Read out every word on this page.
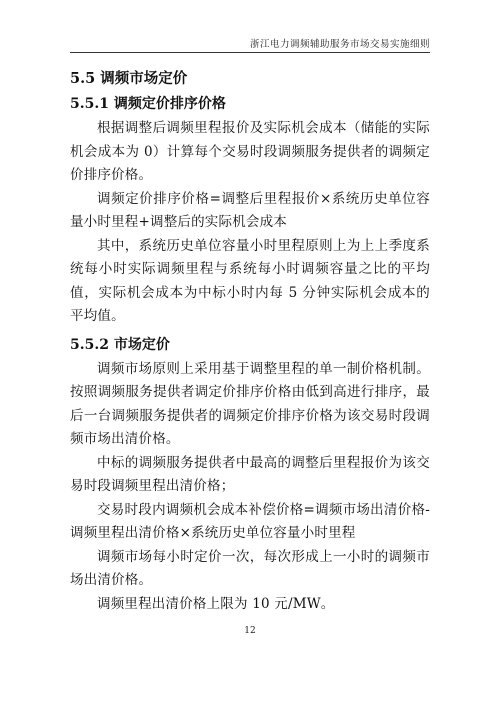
浙江电力调频辅助服务市场交易实施细则
5.5 调频市场定价
5.5.1 调频定价排序价格

根据调整后调频里程报价及实际机会成本（储能的实际机会成本为 0）计算每个交易时段调频服务提供者的调频定价排序价格。

调频定价排序价格=调整后里程报价×系统历史单位容量小时里程+调整后的实际机会成本

其中，系统历史单位容量小时里程原则上为上上季度系统每小时实际调频里程与系统每小时调频容量之比的平均值，实际机会成本为中标小时内每 5 分钟实际机会成本的平均值。

5.5.2 市场定价

调频市场原则上采用基于调整里程的单一制价格机制。按照调频服务提供者调定价排序价格由低到高进行排序，最后一台调频服务提供者的调频定价排序价格为该交易时段调频市场出清价格。

中标的调频服务提供者中最高的调整后里程报价为该交易时段调频里程出清价格；

交易时段内调频机会成本补偿价格=调频市场出清价格-调频里程出清价格×系统历史单位容量小时里程

调频市场每小时定价一次，每次形成上一小时的调频市场出清价格。

调频里程出清价格上限为 10 元/MW。

12
